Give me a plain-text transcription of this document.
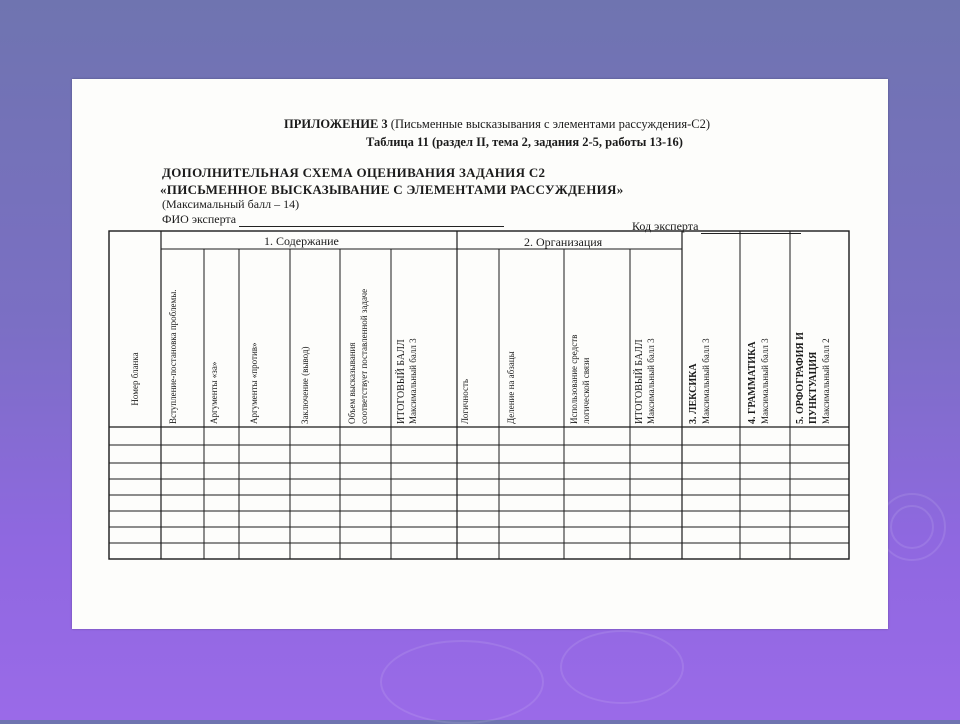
ПРИЛОЖЕНИЕ 3 (Письменные высказывания с элементами рассуждения-С2)
Таблица 11 (раздел II, тема 2, задания 2-5, работы 13-16)
ДОПОЛНИТЕЛЬНАЯ СХЕМА ОЦЕНИВАНИЯ ЗАДАНИЯ С2
«ПИСЬМЕННОЕ ВЫСКАЗЫВАНИЕ С ЭЛЕМЕНТАМИ РАССУЖДЕНИЯ»
(Максимальный балл – 14)
ФИО эксперта	Код эксперта
1. Содержание	2. Организация
Номер бланка	Вступление-постановка проблемы.	Аргументы «за»	Аргументы «против»	Заключение (вывод)	Объем высказывания соответствует поставленной задаче	ИТОГОВЫЙ БАЛЛ Максимальный балл 3	Логичность	Деление на абзацы	Использование средств логической связи	ИТОГОВЫЙ БАЛЛ Максимальный балл 3	3. ЛЕКСИКА Максимальный балл 3	4. ГРАММАТИКА Максимальный балл 3	5. ОРФОГРАФИЯ И ПУНКТУАЦИЯ Максимальный балл 2
